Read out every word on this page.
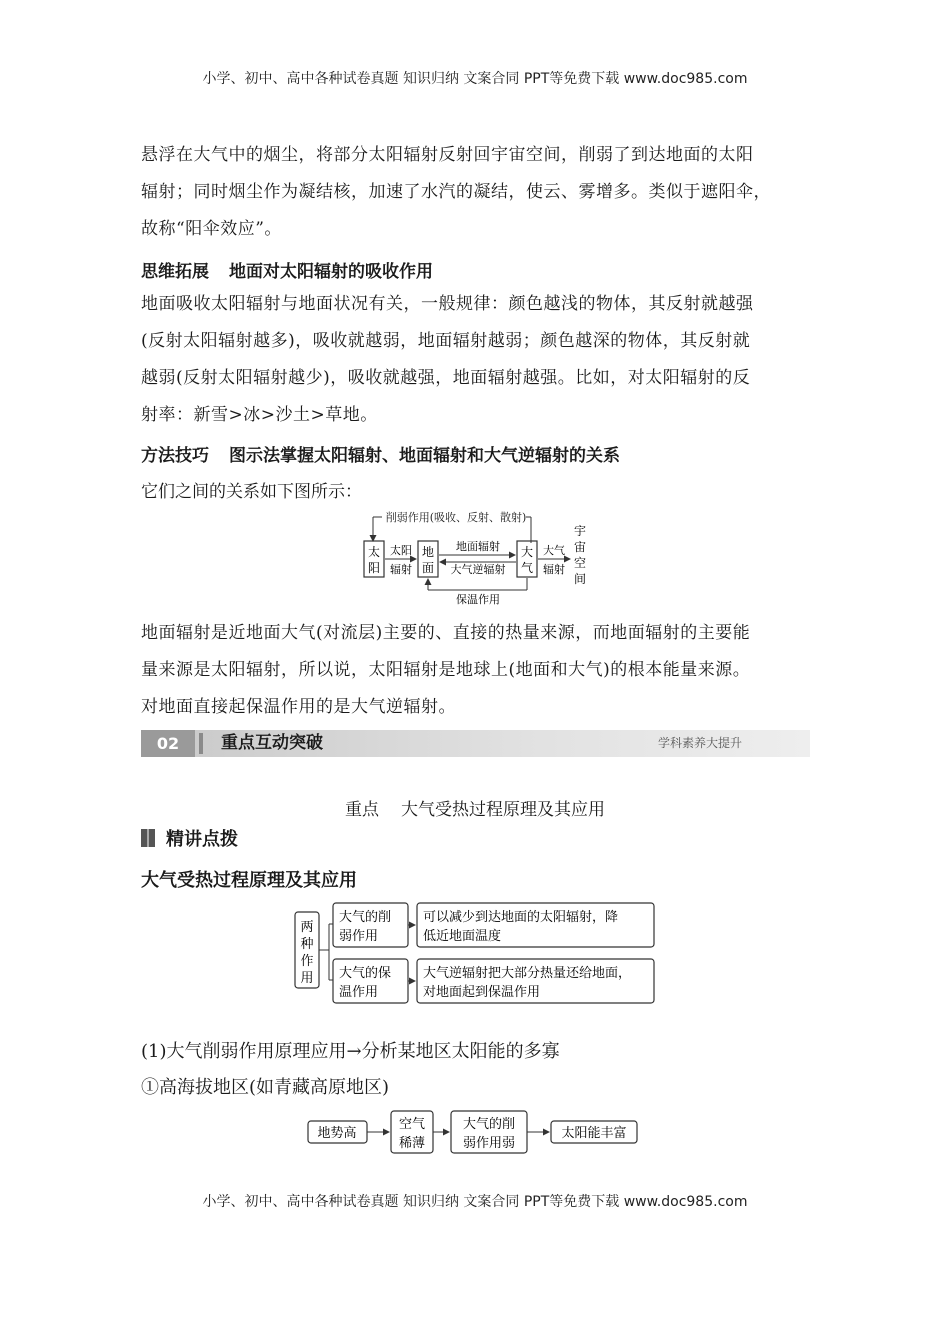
小学、初中、高中各种试卷真题 知识归纳 文案合同 PPT等免费下载 www.doc985.com
悬浮在大气中的烟尘，将部分太阳辐射反射回宇宙空间，削弱了到达地面的太阳
辐射；同时烟尘作为凝结核，加速了水汽的凝结，使云、雾增多。类似于遮阳伞，
故称“阳伞效应”。
思维拓展 地面对太阳辐射的吸收作用
地面吸收太阳辐射与地面状况有关，一般规律：颜色越浅的物体，其反射就越强
(反射太阳辐射越多)，吸收就越弱，地面辐射越弱；颜色越深的物体，其反射就
越弱(反射太阳辐射越少)，吸收就越强，地面辐射越强。比如，对太阳辐射的反
射率：新雪>冰>沙土>草地。
方法技巧 图示法掌握太阳辐射、地面辐射和大气逆辐射的关系
它们之间的关系如下图所示：
削弱作用(吸收、反射、散射)
太
阳
太阳
辐射
地
面
地面辐射
大气逆辐射
大
气
大气
辐射
宇
宙
空
间
保温作用
地面辐射是近地面大气(对流层)主要的、直接的热量来源，而地面辐射的主要能
量来源是太阳辐射，所以说，太阳辐射是地球上(地面和大气)的根本能量来源。
对地面直接起保温作用的是大气逆辐射。
02	重点互动突破	学科素养大提升
重点 大气受热过程原理及其应用
精讲点拨
大气受热过程原理及其应用
两
种
作
用
大气的削
弱作用
可以减少到达地面的太阳辐射，降
低近地面温度
大气的保
温作用
大气逆辐射把大部分热量还给地面，
对地面起到保温作用
(1)大气削弱作用原理应用→分析某地区太阳能的多寡
①高海拔地区(如青藏高原地区)
地势高
空气
稀薄
大气的削
弱作用弱
太阳能丰富
小学、初中、高中各种试卷真题 知识归纳 文案合同 PPT等免费下载 www.doc985.com
